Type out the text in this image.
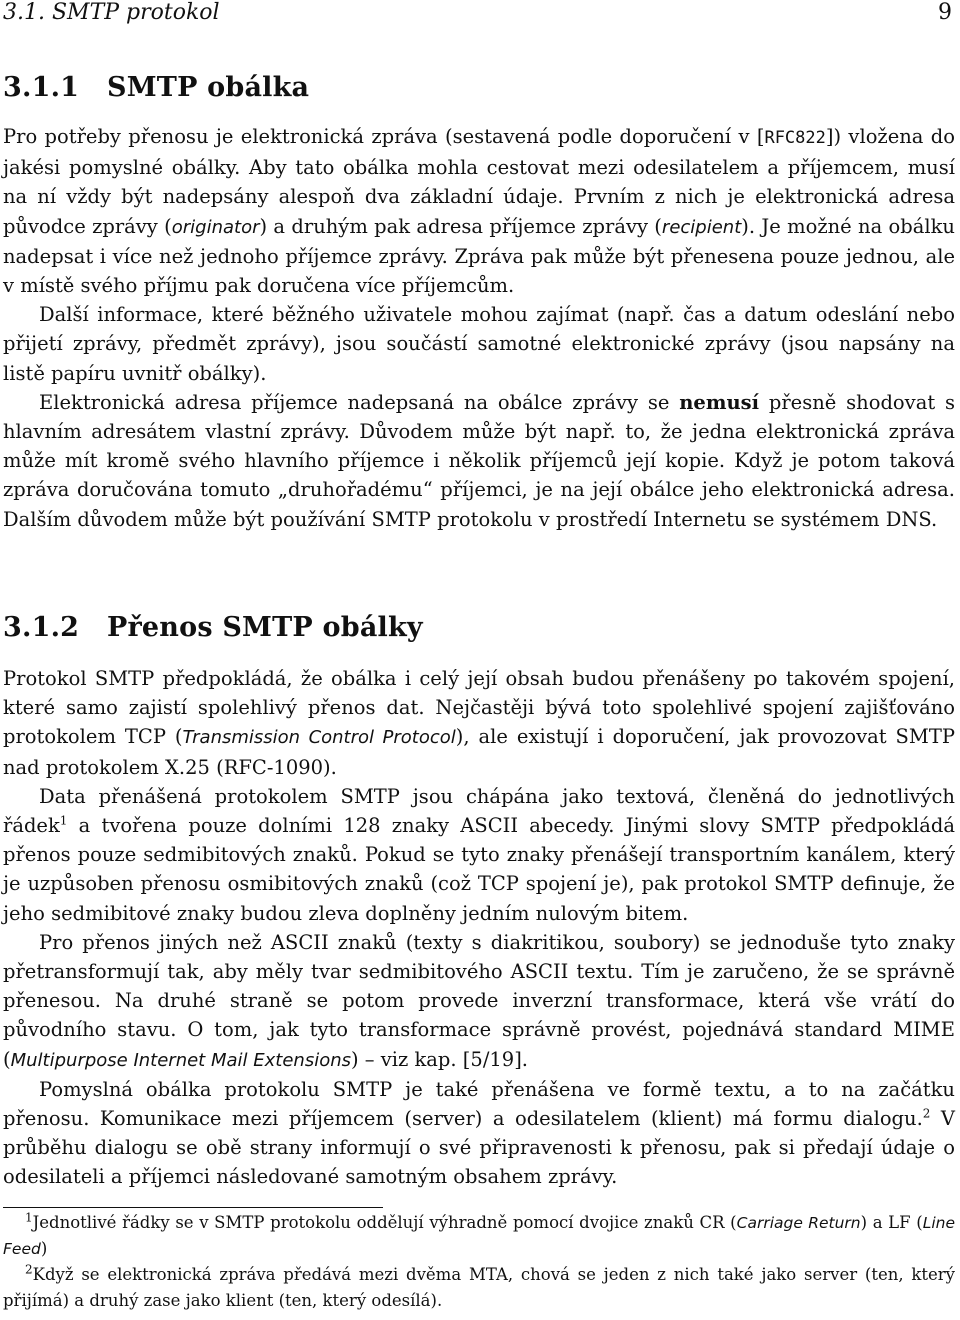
3.1. SMTP protokol	9
3.1.1 SMTP obálka

Pro potřeby přenosu je elektronická zpráva (sestavená podle doporučení v [RFC822]) vložena do jakési pomyslné obálky. Aby tato obálka mohla cestovat mezi odesilatelem a příjemcem, musí na ní vždy být nadepsány alespoň dva základní údaje. Prvním z nich je elektronická adresa původce zprávy (originator) a druhým pak adresa příjemce zprávy (recipient). Je možné na obálku nadepsat i více než jednoho příjemce zprávy. Zpráva pak může být přenesena pouze jednou, ale v místě svého příjmu pak doručena více příjemcům.

Další informace, které běžného uživatele mohou zajímat (např. čas a datum odeslání nebo přijetí zprávy, předmět zprávy), jsou součástí samotné elektronické zprávy (jsou napsány na listě papíru uvnitř obálky).

Elektronická adresa příjemce nadepsaná na obálce zprávy se nemusí přesně shodovat s hlavním adresátem vlastní zprávy. Důvodem může být např. to, že jedna elektronická zpráva může mít kromě svého hlavního příjemce i několik příjemců její kopie. Když je potom taková zpráva doručována tomuto „druhořadému“ příjemci, je na její obálce jeho elektronická adresa. Dalším důvodem může být používání SMTP protokolu v prostředí Internetu se systémem DNS.

3.1.2 Přenos SMTP obálky

Protokol SMTP předpokládá, že obálka i celý její obsah budou přenášeny po takovém spojení, které samo zajistí spolehlivý přenos dat. Nejčastěji bývá toto spolehlivé spojení zajišťováno protokolem TCP (Transmission Control Protocol), ale existují i doporučení, jak provozovat SMTP nad protokolem X.25 (RFC-1090).

Data přenášená protokolem SMTP jsou chápána jako textová, členěná do jednotlivých řádek$^1$ a tvořena pouze dolními 128 znaky ASCII abecedy. Jinými slovy SMTP předpokládá přenos pouze sedmibitových znaků. Pokud se tyto znaky přenášejí transportním kanálem, který je uzpůsoben přenosu osmibitových znaků (což TCP spojení je), pak protokol SMTP definuje, že jeho sedmibitové znaky budou zleva doplněny jedním nulovým bitem.

Pro přenos jiných než ASCII znaků (texty s diakritikou, soubory) se jednoduše tyto znaky přetransformují tak, aby měly tvar sedmibitového ASCII textu. Tím je zaručeno, že se správně přenesou. Na druhé straně se potom provede inverzní transformace, která vše vrátí do původního stavu. O tom, jak tyto transformace správně provést, pojednává standard MIME (Multipurpose Internet Mail Extensions) – viz kap. [5/19].

Pomyslná obálka protokolu SMTP je také přenášena ve formě textu, a to na začátku přenosu. Komunikace mezi příjemcem (server) a odesilatelem (klient) má formu dialogu.$^2$ V průběhu dialogu se obě strany informují o své připravenosti k přenosu, pak si předají údaje o odesilateli a příjemci následované samotným obsahem zprávy.

$^1$Jednotlivé řádky se v SMTP protokolu oddělují výhradně pomocí dvojice znaků CR (Carriage Return) a LF (Line Feed)

$^2$Když se elektronická zpráva předává mezi dvěma MTA, chová se jeden z nich také jako server (ten, který přijímá) a druhý zase jako klient (ten, který odesílá).
